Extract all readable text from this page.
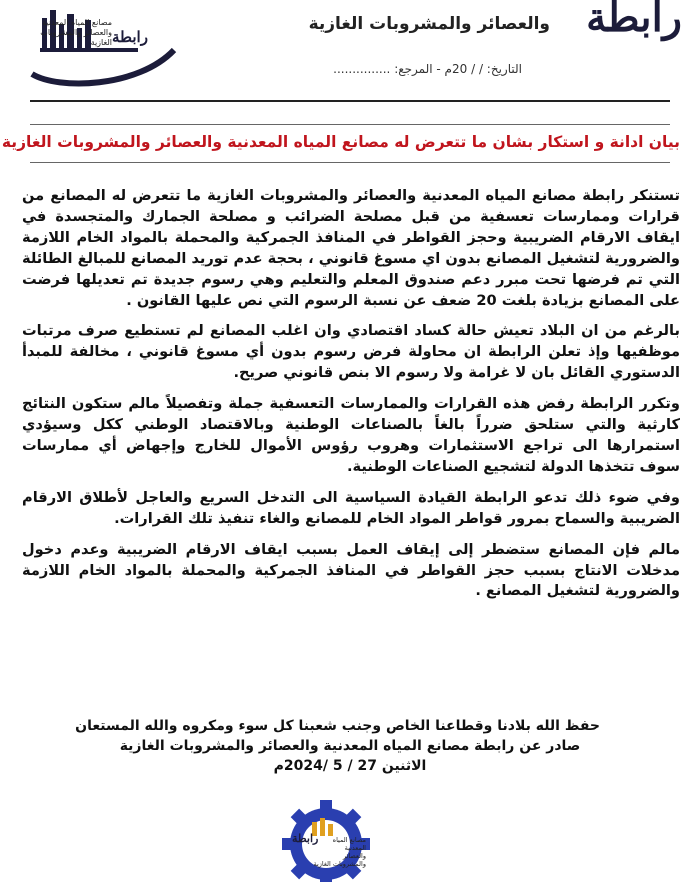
رابطة
والعصائر والمشروبات الغازية
التاريخ: / / 20م - المرجع: ...............
مصانع المياه المعدنية
والعصائر والمشروبات الغازية رابطة
بيان ادانة و استكار بشان ما تتعرض له مصانع المياه المعدنية والعصائر والمشروبات الغازية

تستنكر رابطة مصانع المياه المعدنية والعصائر والمشروبات الغازية ما تتعرض له المصانع من قرارات وممارسات تعسفية من قبل مصلحة الضرائب و مصلحة الجمارك والمتجسدة في ايقاف الارقام الضريبية وحجز القواطر في المنافذ الجمركية والمحملة بالمواد الخام اللازمة والضرورية لتشغيل المصانع بدون اي مسوغ قانوني ، بحجة عدم توريد المصانع للمبالغ الطائلة التي تم فرضها تحت مبرر دعم صندوق المعلم والتعليم وهي رسوم جديدة تم تعديلها فرضت على المصانع بزيادة بلغت 20 ضعف عن نسبة الرسوم التي نص عليها القانون .

بالرغم من ان البلاد تعيش حالة كساد اقتصادي وان اغلب المصانع لم تستطيع صرف مرتبات موظفيها وإذ تعلن الرابطة ان محاولة فرض رسوم بدون أي مسوغ قانوني ، مخالفة للمبدأ الدستوري القائل بان لا غرامة ولا رسوم الا بنص قانوني صريح.

وتكرر الرابطة رفض هذه القرارات والممارسات التعسفية جملة وتفصيلاً مالم ستكون النتائج كارثية والتي ستلحق ضرراً بالغاً بالصناعات الوطنية وبالاقتصاد الوطني ككل وسيؤدي استمرارها الى تراجع الاستثمارات وهروب رؤوس الأموال للخارج وإجهاض أي ممارسات سوف تتخذها الدولة لتشجيع الصناعات الوطنية.

وفي ضوء ذلك تدعو الرابطة القيادة السياسية الى التدخل السريع والعاجل لأطلاق الارقام الضريبية والسماح بمرور قواطر المواد الخام للمصانع والغاء تنفيذ تلك القرارات.

مالم فإن المصانع ستضطر إلى إيقاف العمل بسبب ايقاف الارقام الضريبية وعدم دخول مدخلات الانتاج بسبب حجز القواطر في المنافذ الجمركية والمحملة بالمواد الخام اللازمة والضرورية لتشغيل المصانع .

حفظ الله بلادنا وقطاعنا الخاص وجنب شعبنا كل سوء ومكروه والله المستعان
صادر عن رابطة مصانع المياه المعدنية والعصائر والمشروبات الغازية
الاثنين 27 / 5 /2024م
رابطة	مصانع المياه المعدنية
والعصائر والمشروبات الغازية
